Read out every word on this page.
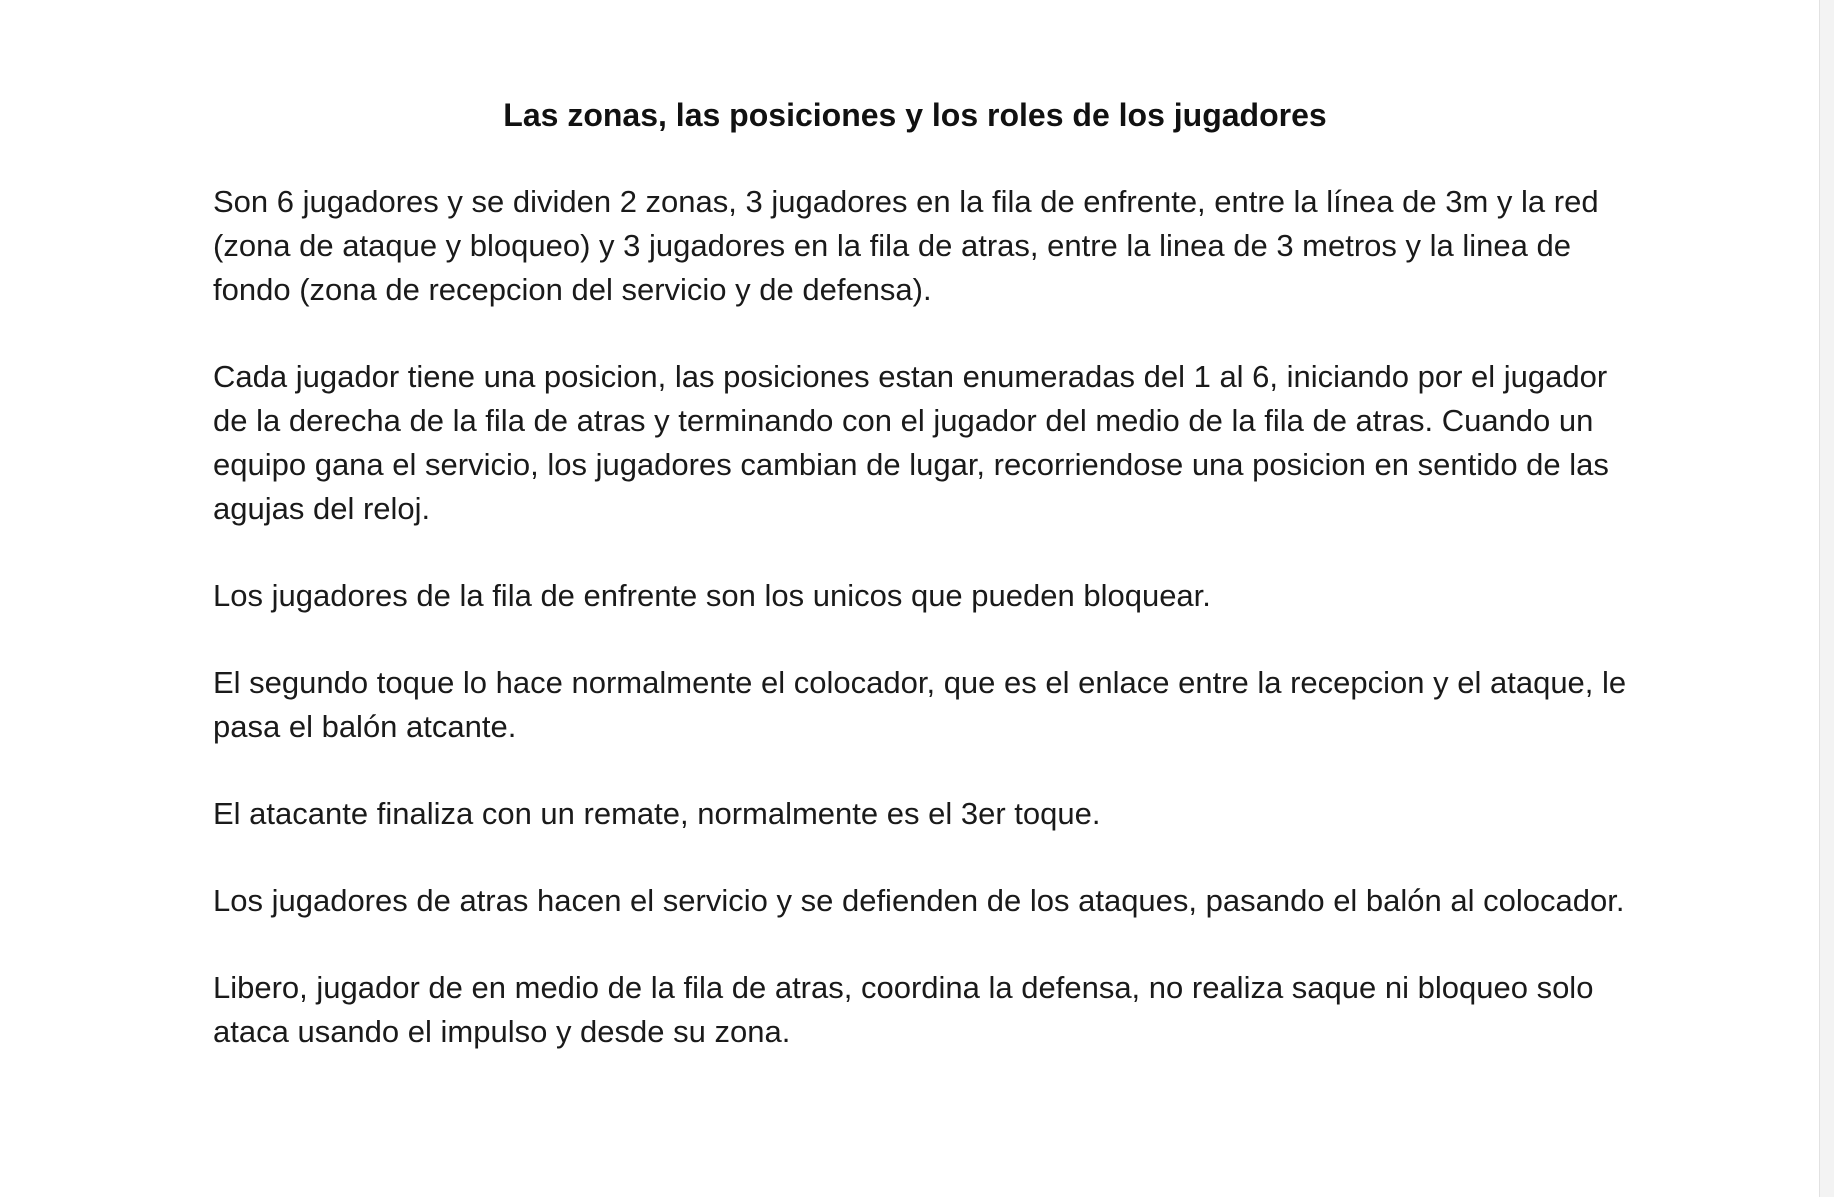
Las zonas, las posiciones y los roles de los jugadores

Son 6 jugadores y se dividen 2 zonas, 3 jugadores en la fila de enfrente, entre la línea de 3m y la red (zona de ataque y bloqueo) y 3 jugadores en la fila de atras, entre la linea de 3 metros y la linea de fondo (zona de recepcion del servicio y de defensa).

Cada jugador tiene una posicion, las posiciones estan enumeradas del 1 al 6, iniciando por el jugador de la derecha de la fila de atras y terminando con el jugador del medio de la fila de atras. Cuando un equipo gana el servicio, los jugadores cambian de lugar, recorriendose una posicion en sentido de las agujas del reloj.

Los jugadores de la fila de enfrente son los unicos que pueden bloquear.

El segundo toque lo hace normalmente el colocador, que es el enlace entre la recepcion y el ataque, le pasa el balón atcante.

El atacante finaliza con un remate, normalmente es el 3er toque.

Los jugadores de atras hacen el servicio y se defienden de los ataques, pasando el balón al colocador.

Libero, jugador de en medio de la fila de atras, coordina la defensa, no realiza saque ni bloqueo solo ataca usando el impulso y desde su zona.
